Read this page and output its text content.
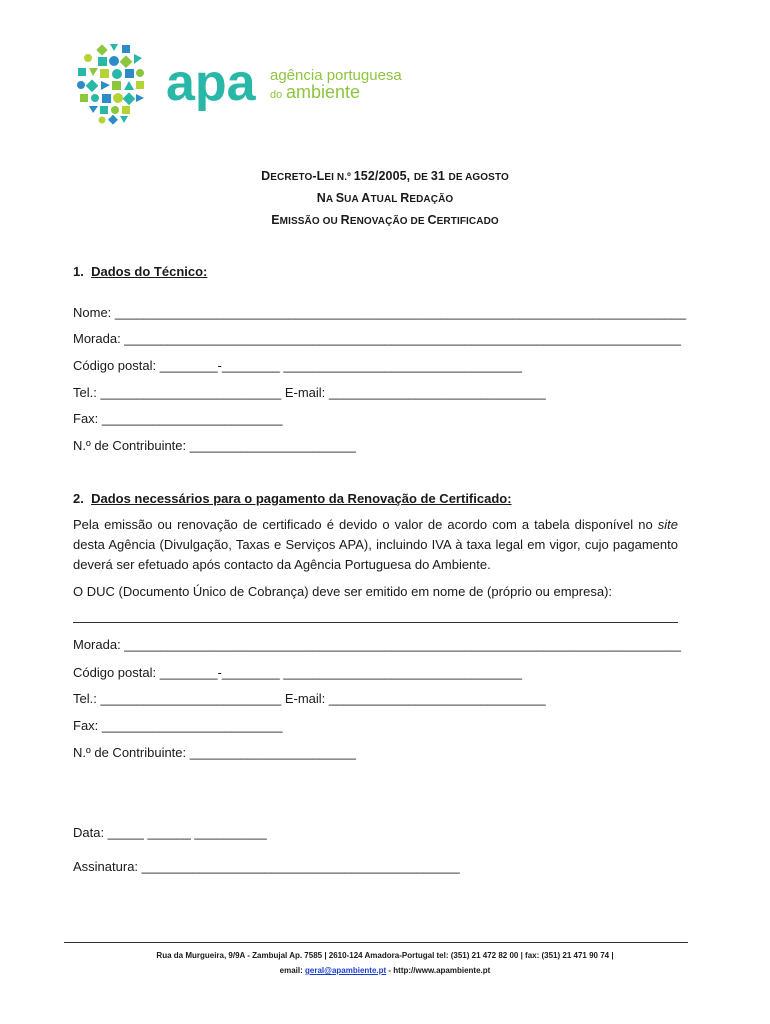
apa agência portuguesa
do ambiente
DECRETO-LEI N.º 152/2005, DE 31 DE AGOSTO
NA SUA ATUAL REDAÇÃO
EMISSÃO OU RENOVAÇÃO DE CERTIFICADO
1. Dados do Técnico:
Nome: _______________________________________________________________________________
Morada: _____________________________________________________________________________
Código postal: ________-________ _________________________________
Tel.: _________________________ E-mail: ______________________________
Fax: _________________________
N.º de Contribuinte: _______________________
2. Dados necessários para o pagamento da Renovação de Certificado:
Pela emissão ou renovação de certificado é devido o valor de acordo com a tabela disponível no site desta Agência (Divulgação, Taxas e Serviços APA), incluindo IVA à taxa legal em vigor, cujo pagamento deverá ser efetuado após contacto da Agência Portuguesa do Ambiente.
O DUC (Documento Único de Cobrança) deve ser emitido em nome de (próprio ou empresa):
Morada: _____________________________________________________________________________
Código postal: ________-________ _________________________________
Tel.: _________________________ E-mail: ______________________________
Fax: _________________________
N.º de Contribuinte: _______________________
Data: _____ ______ __________
Assinatura: ____________________________________________
Rua da Murgueira, 9/9A - Zambujal Ap. 7585 | 2610-124 Amadora-Portugal tel: (351) 21 472 82 00 | fax: (351) 21 471 90 74 |
email: geral@apambiente.pt - http://www.apambiente.pt
